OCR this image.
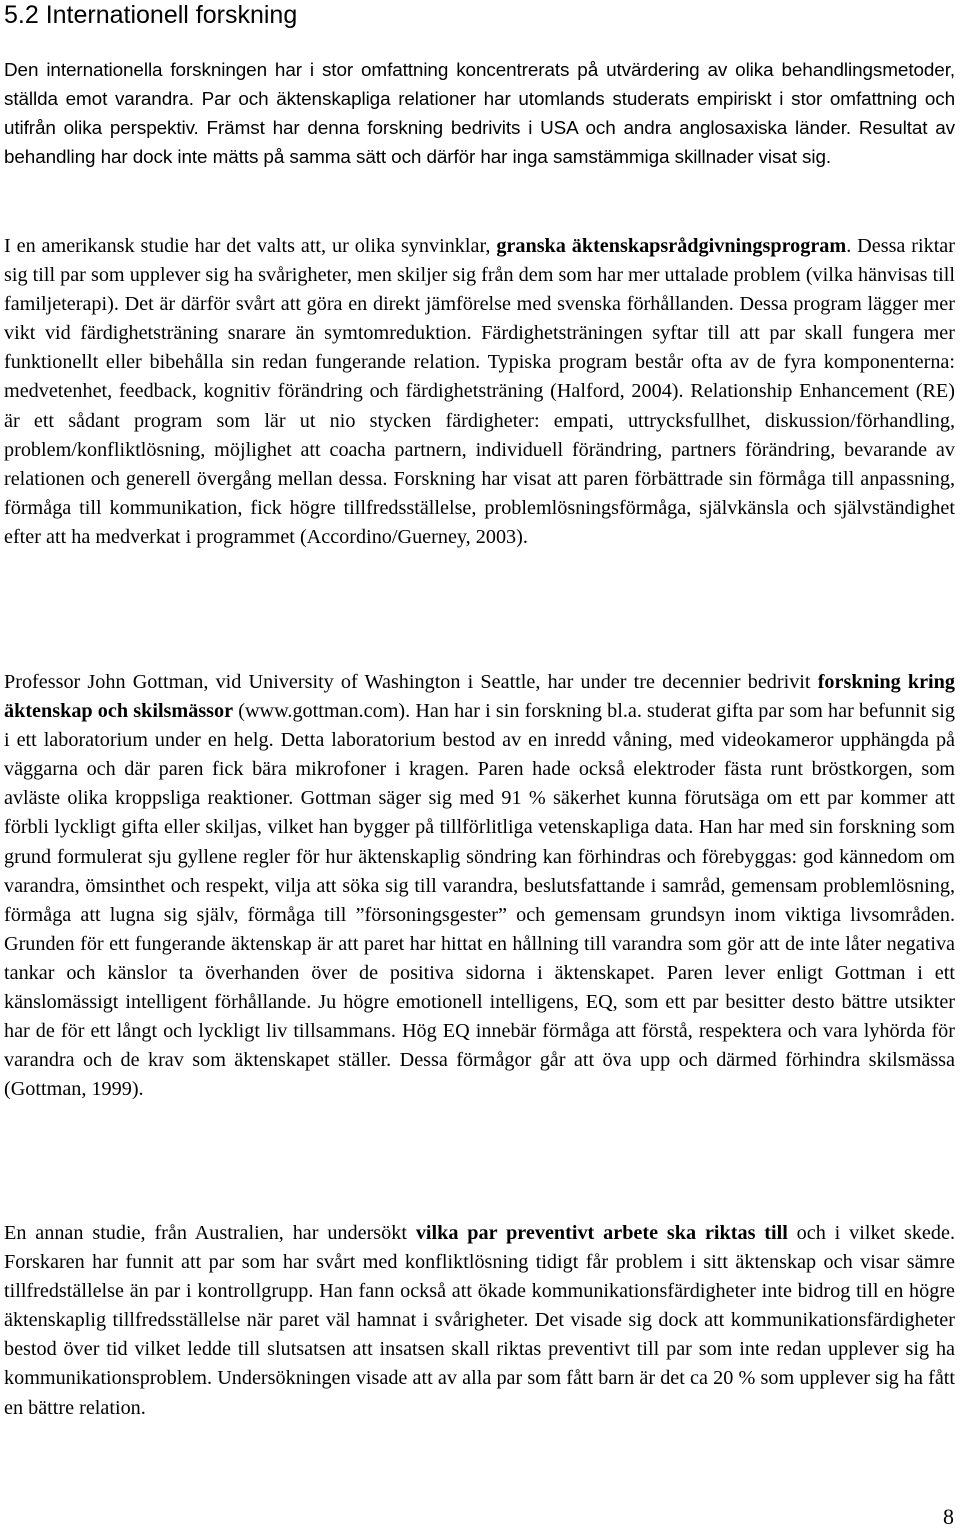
5.2 Internationell forskning

Den internationella forskningen har i stor omfattning koncentrerats på utvärdering av olika behandlingsmetoder, ställda emot varandra. Par och äktenskapliga relationer har utomlands studerats empiriskt i stor omfattning och utifrån olika perspektiv. Främst har denna forskning bedrivits i USA och andra anglosaxiska länder. Resultat av behandling har dock inte mätts på samma sätt och därför har inga samstämmiga skillnader visat sig.

I en amerikansk studie har det valts att, ur olika synvinklar, granska äktenskapsrådgivningsprogram. Dessa riktar sig till par som upplever sig ha svårigheter, men skiljer sig från dem som har mer uttalade problem (vilka hänvisas till familjeterapi). Det är därför svårt att göra en direkt jämförelse med svenska förhållanden. Dessa program lägger mer vikt vid färdighetsträning snarare än symtomreduktion. Färdighetsträningen syftar till att par skall fungera mer funktionellt eller bibehålla sin redan fungerande relation. Typiska program består ofta av de fyra komponenterna: medvetenhet, feedback, kognitiv förändring och färdighetsträning (Halford, 2004). Relationship Enhancement (RE) är ett sådant program som lär ut nio stycken färdigheter: empati, uttrycksfullhet, diskussion/förhandling, problem/konfliktlösning, möjlighet att coacha partnern, individuell förändring, partners förändring, bevarande av relationen och generell övergång mellan dessa. Forskning har visat att paren förbättrade sin förmåga till anpassning, förmåga till kommunikation, fick högre tillfredsställelse, problemlösningsförmåga, självkänsla och självständighet efter att ha medverkat i programmet (Accordino/Guerney, 2003).

Professor John Gottman, vid University of Washington i Seattle, har under tre decennier bedrivit forskning kring äktenskap och skilsmässor (www.gottman.com). Han har i sin forskning bl.a. studerat gifta par som har befunnit sig i ett laboratorium under en helg. Detta laboratorium bestod av en inredd våning, med videokameror upphängda på väggarna och där paren fick bära mikrofoner i kragen. Paren hade också elektroder fästa runt bröstkorgen, som avläste olika kroppsliga reaktioner. Gottman säger sig med 91 % säkerhet kunna förutsäga om ett par kommer att förbli lyckligt gifta eller skiljas, vilket han bygger på tillförlitliga vetenskapliga data. Han har med sin forskning som grund formulerat sju gyllene regler för hur äktenskaplig söndring kan förhindras och förebyggas: god kännedom om varandra, ömsinthet och respekt, vilja att söka sig till varandra, beslutsfattande i samråd, gemensam problemlösning, förmåga att lugna sig själv, förmåga till ”försoningsgester” och gemensam grundsyn inom viktiga livsområden. Grunden för ett fungerande äktenskap är att paret har hittat en hållning till varandra som gör att de inte låter negativa tankar och känslor ta överhanden över de positiva sidorna i äktenskapet. Paren lever enligt Gottman i ett känslomässigt intelligent förhållande. Ju högre emotionell intelligens, EQ, som ett par besitter desto bättre utsikter har de för ett långt och lyckligt liv tillsammans. Hög EQ innebär förmåga att förstå, respektera och vara lyhörda för varandra och de krav som äktenskapet ställer. Dessa förmågor går att öva upp och därmed förhindra skilsmässa (Gottman, 1999).

En annan studie, från Australien, har undersökt vilka par preventivt arbete ska riktas till och i vilket skede. Forskaren har funnit att par som har svårt med konfliktlösning tidigt får problem i sitt äktenskap och visar sämre tillfredställelse än par i kontrollgrupp. Han fann också att ökade kommunikationsfärdigheter inte bidrog till en högre äktenskaplig tillfredsställelse när paret väl hamnat i svårigheter. Det visade sig dock att kommunikationsfärdigheter bestod över tid vilket ledde till slutsatsen att insatsen skall riktas preventivt till par som inte redan upplever sig ha kommunikationsproblem. Undersökningen visade att av alla par som fått barn är det ca 20 % som upplever sig ha fått en bättre relation.

8
